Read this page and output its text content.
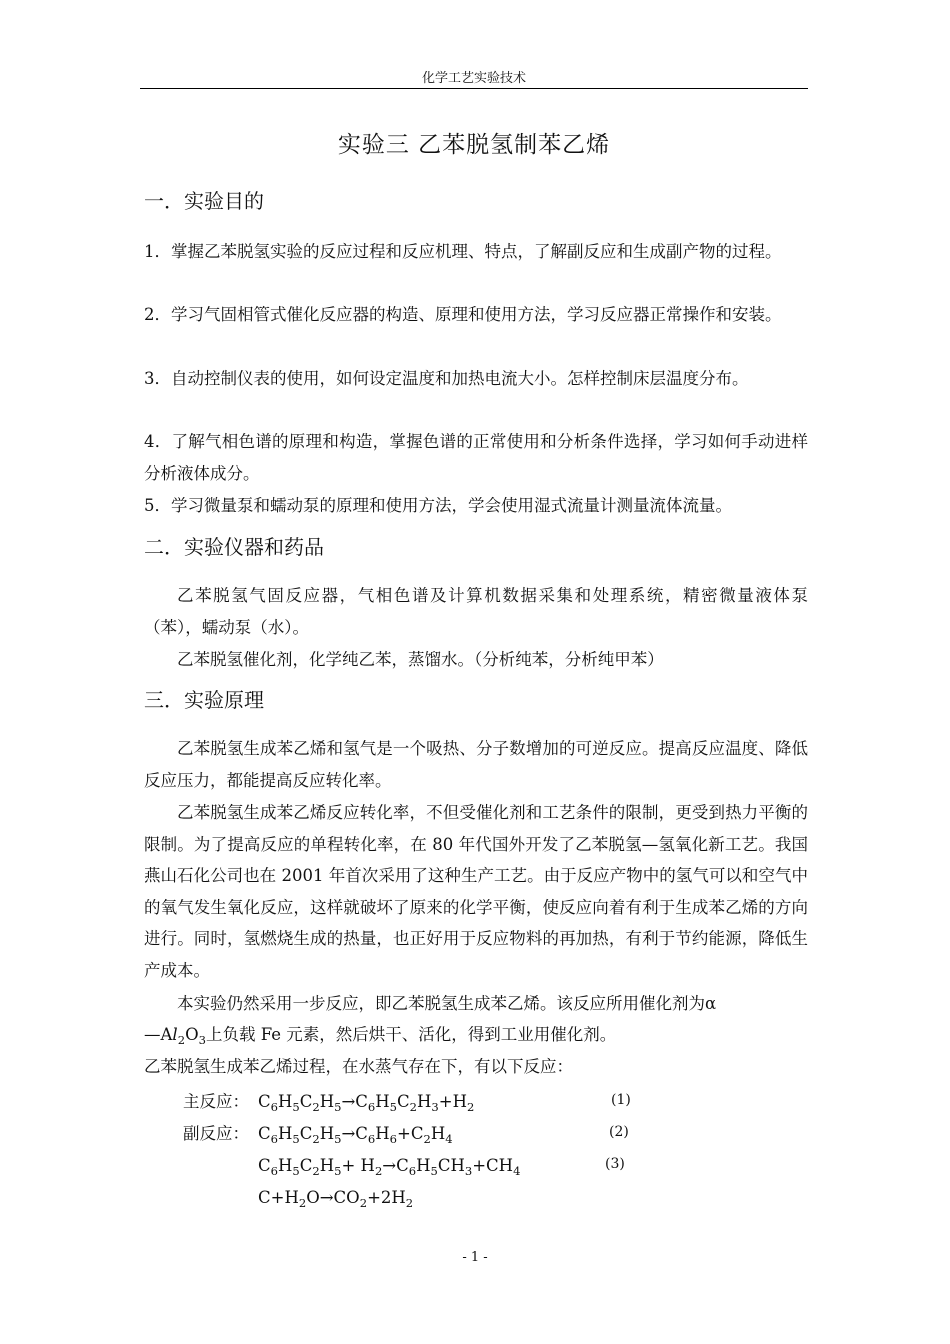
化学工艺实验技术
实验三 乙苯脱氢制苯乙烯
一．实验目的

1．掌握乙苯脱氢实验的反应过程和反应机理、特点，了解副反应和生成副产物的过程。

2．学习气固相管式催化反应器的构造、原理和使用方法，学习反应器正常操作和安装。

3．自动控制仪表的使用，如何设定温度和加热电流大小。怎样控制床层温度分布。

4．了解气相色谱的原理和构造，掌握色谱的正常使用和分析条件选择，学习如何手动进样分析液体成分。

5．学习微量泵和蠕动泵的原理和使用方法，学会使用湿式流量计测量流体流量。

二．实验仪器和药品

乙苯脱氢气固反应器，气相色谱及计算机数据采集和处理系统，精密微量液体泵（苯），蠕动泵（水）。

乙苯脱氢催化剂，化学纯乙苯，蒸馏水。（分析纯苯，分析纯甲苯）

三．实验原理

乙苯脱氢生成苯乙烯和氢气是一个吸热、分子数增加的可逆反应。提高反应温度、降低反应压力，都能提高反应转化率。

乙苯脱氢生成苯乙烯反应转化率，不但受催化剂和工艺条件的限制，更受到热力平衡的限制。为了提高反应的单程转化率，在 80 年代国外开发了乙苯脱氢—氢氧化新工艺。我国燕山石化公司也在 2001 年首次采用了这种生产工艺。由于反应产物中的氢气可以和空气中的氧气发生氧化反应，这样就破坏了原来的化学平衡，使反应向着有利于生成苯乙烯的方向进行。同时，氢燃烧生成的热量，也正好用于反应物料的再加热，有利于节约能源，降低生产成本。

本实验仍然采用一步反应，即乙苯脱氢生成苯乙烯。该反应所用催化剂为α

$—Al_2O_3$上负载 Fe 元素，然后烘干、活化，得到工业用催化剂。

乙苯脱氢生成苯乙烯过程，在水蒸气存在下，有以下反应：

主反应： $C_6H_5C_2H_5\to C_6H_5C_2H_3+H_2$	(1)
副反应： $C_6H_5C_2H_5\to C_6H_6+C_2H_4$	(2)
$C_6H_5C_2H_5+ H_2\to C_6H_5CH_3+CH_4$	(3)
$C+H_2O\to CO_2+2H_2$
- 1 -
